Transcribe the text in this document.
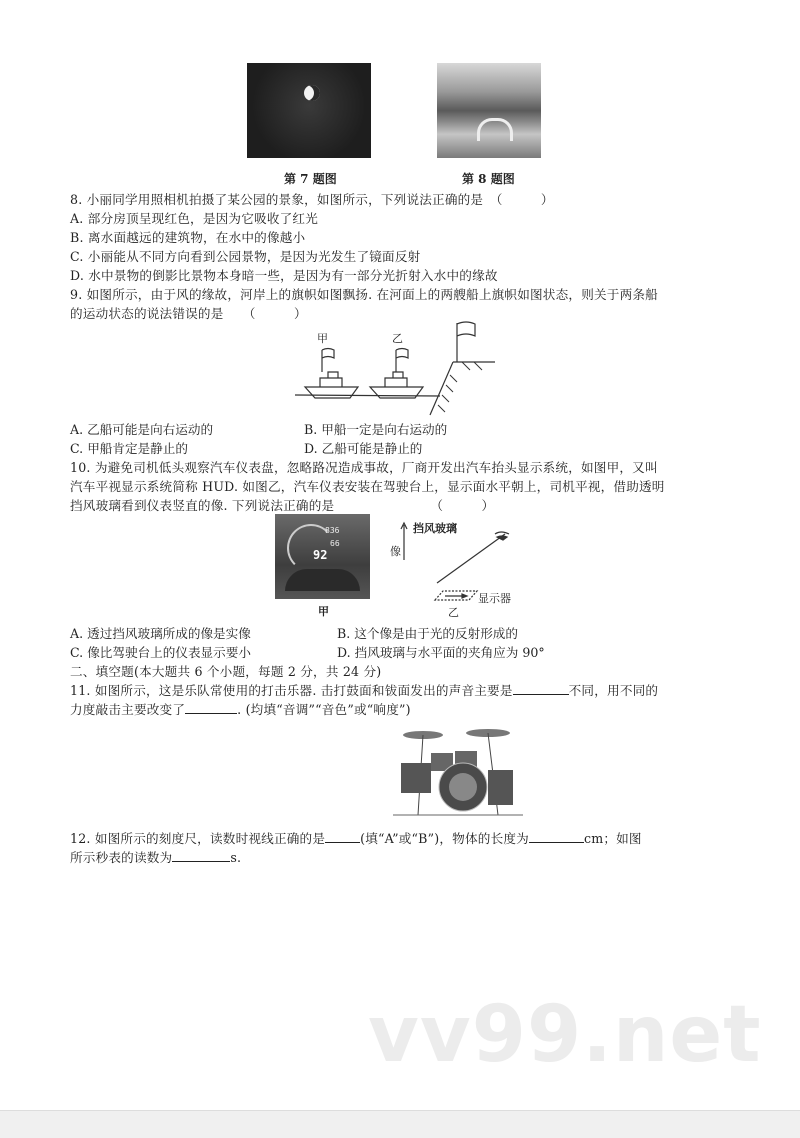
第 7 题图	第 8 题图
8. 小丽同学用照相机拍摄了某公园的景象，如图所示，下列说法正确的是　（　　　）
A. 部分房顶呈现红色，是因为它吸收了红光
B. 离水面越远的建筑物，在水中的像越小
C. 小丽能从不同方向看到公园景物，是因为光发生了镜面反射
D. 水中景物的倒影比景物本身暗一些，是因为有一部分光折射入水中的缘故
9. 如图所示，由于风的缘故，河岸上的旗帜如图飘扬. 在河面上的两艘船上旗帜如图状态，则关于两条船
的运动状态的说法错误的是　　（　　　）
甲	乙
A. 乙船可能是向右运动的	B. 甲船一定是向右运动的
C. 甲船肯定是静止的	D. 乙船可能是静止的
10. 为避免司机低头观察汽车仪表盘，忽略路况造成事故，厂商开发出汽车抬头显示系统，如图甲，又叫
汽车平视显示系统简称 HUD. 如图乙，汽车仪表安装在驾驶台上，显示面水平朝上，司机平视，借助透明
挡风玻璃看到仪表竖直的像. 下列说法正确的是　　　　　　　　（　　　）
836
66
92
甲
挡风玻璃
像
显示器
乙
A. 透过挡风玻璃所成的像是实像	B. 这个像是由于光的反射形成的
C. 像比驾驶台上的仪表显示要小	D. 挡风玻璃与水平面的夹角应为 90°
二、填空题(本大题共 6 个小题，每题 2 分，共 24 分)
11. 如图所示，这是乐队常使用的打击乐器. 击打鼓面和钹面发出的声音主要是	不同，用不同的
力度敲击主要改变了	. (均填“音调”“音色”或“响度”)
12. 如图所示的刻度尺，读数时视线正确的是	(填“A”或“B”)，物体的长度为	cm；如图
所示秒表的读数为	s.
vv99.net
